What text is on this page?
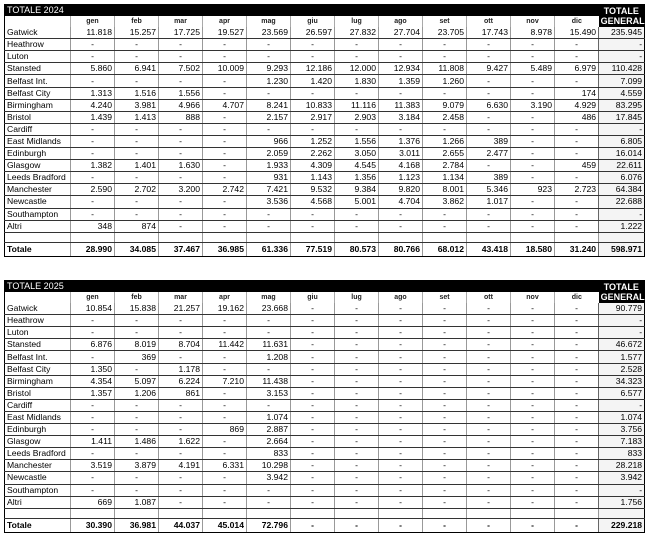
TOTALE 2024													TOTALE
GENERALE
	gen	feb	mar	apr	mag	giu	lug	ago	set	ott	nov	dic	
Gatwick	11.818	15.257	17.725	19.527	23.569	26.597	27.832	27.704	23.705	17.743	8.978	15.490	235.945
Heathrow	-	-	-	-	-	-	-	-	-	-	-	-	-
Luton	-	-	-	-	-	-	-	-	-	-	-	-	-
Stansted	5.860	6.941	7.502	10.009	9.293	12.186	12.000	12.934	11.808	9.427	5.489	6.979	110.428
Belfast Int.	-	-	-	-	1.230	1.420	1.830	1.359	1.260	-	-	-	7.099
Belfast City	1.313	1.516	1.556	-	-	-	-	-	-	-	-	174	4.559
Birmingham	4.240	3.981	4.966	4.707	8.241	10.833	11.116	11.383	9.079	6.630	3.190	4.929	83.295
Bristol	1.439	1.413	888	-	2.157	2.917	2.903	3.184	2.458	-	-	486	17.845
Cardiff	-	-	-	-	-	-	-	-	-	-	-	-	-
East Midlands	-	-	-	-	966	1.252	1.556	1.376	1.266	389	-	-	6.805
Edinburgh	-	-	-	-	2.059	2.262	3.050	3.011	2.655	2.477	-	-	16.014
Glasgow	1.382	1.401	1.630	-	1.933	4.309	4.545	4.168	2.784	-	-	459	22.611
Leeds Bradford	-	-	-	-	931	1.143	1.356	1.123	1.134	389	-	-	6.076
Manchester	2.590	2.702	3.200	2.742	7.421	9.532	9.384	9.820	8.001	5.346	923	2.723	64.384
Newcastle	-	-	-	-	3.536	4.568	5.001	4.704	3.862	1.017	-	-	22.688
Southampton	-	-	-	-	-	-	-	-	-	-	-	-	-
Altri	348	874	-	-	-	-	-	-	-	-	-	-	1.222

Totale	28.990	34.085	37.467	36.985	61.336	77.519	80.573	80.766	68.012	43.418	18.580	31.240	598.971
TOTALE 2025													TOTALE
GENERALE
	gen	feb	mar	apr	mag	giu	lug	ago	set	ott	nov	dic	
Gatwick	10.854	15.838	21.257	19.162	23.668	-	-	-	-	-	-	-	90.779
Heathrow	-	-	-	-	-	-	-	-	-	-	-	-	-
Luton	-	-	-	-	-	-	-	-	-	-	-	-	-
Stansted	6.876	8.019	8.704	11.442	11.631	-	-	-	-	-	-	-	46.672
Belfast Int.	-	369	-	-	1.208	-	-	-	-	-	-	-	1.577
Belfast City	1.350	-	1.178	-	-	-	-	-	-	-	-	-	2.528
Birmingham	4.354	5.097	6.224	7.210	11.438	-	-	-	-	-	-	-	34.323
Bristol	1.357	1.206	861	-	3.153	-	-	-	-	-	-	-	6.577
Cardiff	-	-	-	-	-	-	-	-	-	-	-	-	-
East Midlands	-	-	-	-	1.074	-	-	-	-	-	-	-	1.074
Edinburgh	-	-	-	869	2.887	-	-	-	-	-	-	-	3.756
Glasgow	1.411	1.486	1.622	-	2.664	-	-	-	-	-	-	-	7.183
Leeds Bradford	-	-	-	-	833	-	-	-	-	-	-	-	833
Manchester	3.519	3.879	4.191	6.331	10.298	-	-	-	-	-	-	-	28.218
Newcastle	-	-	-	-	3.942	-	-	-	-	-	-	-	3.942
Southampton	-	-	-	-	-	-	-	-	-	-	-	-	-
Altri	669	1.087	-	-	-	-	-	-	-	-	-	-	1.756

Totale	30.390	36.981	44.037	45.014	72.796	-	-	-	-	-	-	-	229.218
